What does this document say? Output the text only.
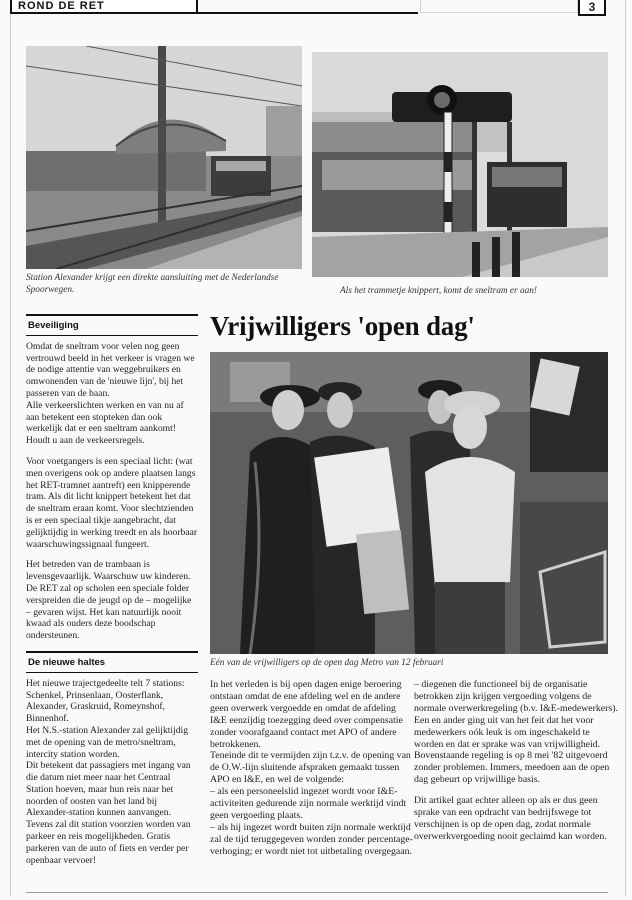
ROND DE RET	3
Station Alexander krijgt een direkte aansluiting met de Nederlandse Spoorwegen.	Als het trammetje knippert, komt de sneltram er aan!
Beveiliging

Omdat de sneltram voor velen nog geen vertrouwd beeld in het verkeer is vragen we de nodige attentie van weggebruikers en omwonenden van de 'nieuwe lijn', bij het passeren van de baan.
Alle verkeerslichten werken en van nu af aan betekent een stopteken dan ook werkelijk dat er een sneltram aankomt! Houdt u aan de verkeersregels.

Voor voetgangers is een speciaal licht: (wat men overigens ook op andere plaatsen langs het RET-tramnet aantreft) een knipperende tram. Als dit licht knippert betekent het dat de sneltram eraan komt. Voor slechtzienden is er een speciaal tikje aangebracht, dat gelijktijdig in werking treedt en als hoorbaar waarschuwingssignaal fungeert.

Het betreden van de trambaan is levensgevaarlijk. Waarschuw uw kinderen. De RET zal op scholen een speciale folder verspreiden die de jeugd op de – mogelijke – gevaren wijst. Het kan natuurlijk nooit kwaad als ouders deze boodschap ondersteunen.

De nieuwe haltes

Het nieuwe trajectgedeelte telt 7 stations: Schenkel, Prinsenlaan, Oosterflank, Alexander, Graskruid, Romeynshof, Binnenhof.
Het N.S.-station Alexander zal gelijktijdig met de opening van de metro/sneltram, intercity station worden.
Dit betekent dat passagiers met ingang van die datum niet meer naar het Centraal Station hoeven, maar hun reis naar het noorden of oosten van het land bij Alexander-station kunnen aanvangen.
Tevens zal dit station voorzien worden van parkeer en reis mogelijkheden. Gratis parkeren van de auto of fiets en verder per openbaar vervoer!

Vrijwilligers 'open dag'
Eén van de vrijwilligers op de open dag Metro van 12 februari

In het verleden is bij open dagen enige beroering ontstaan omdat de ene afdeling wel en de andere geen overwerk vergoedde en omdat de afdeling I&E eenzijdig toezegging deed over compensatie zonder voorafgaand contact met APO of andere betrokkenen.
Teneinde dit te vermijden zijn t.z.v. de opening van de O.W.-lijn sluitende afspraken gemaakt tussen APO en I&E, en wel de volgende:
– als een personeelslid ingezet wordt voor I&E-activiteiten gedurende zijn normale werktijd vindt geen vergoeding plaats.
– als hij ingezet wordt buiten zijn normale werktijd zal de tijd teruggegeven worden zonder percentage-verhoging; er wordt niet tot uitbetaling overgegaan.

– diegenen die functioneel bij de organisatie betrokken zijn krijgen vergoeding volgens de normale overwerkregeling (b.v. I&E-medewerkers).
Een en ander ging uit van het feit dat het voor medewerkers oók leuk is om ingeschakeld te worden en dat er sprake was van vrijwilligheid. Bovenstaande regeling is op 8 mei '82 uitgevoerd zonder problemen. Immers, meedoen aan de open dag gebeurt op vrijwillige basis.

Dit artikel gaat echter alleen op als er dus geen sprake van een opdracht van bedrijfswege tot verschijnen is op de open dag, zodat normale overwerkvergoeding nooit geclaimd kan worden.
